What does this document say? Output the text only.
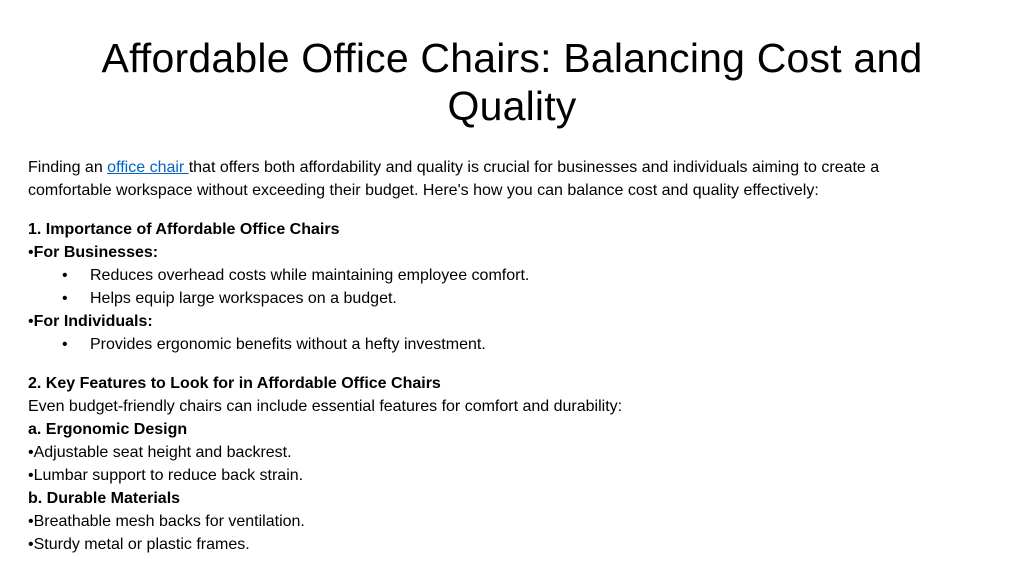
Affordable Office Chairs: Balancing Cost and Quality
Finding an office chair that offers both affordability and quality is crucial for businesses and individuals aiming to create a
comfortable workspace without exceeding their budget. Here's how you can balance cost and quality effectively:
1. Importance of Affordable Office Chairs
•For Businesses:
•	Reduces overhead costs while maintaining employee comfort.
•	Helps equip large workspaces on a budget.
•For Individuals:
•	Provides ergonomic benefits without a hefty investment.
2. Key Features to Look for in Affordable Office Chairs
Even budget-friendly chairs can include essential features for comfort and durability:
a. Ergonomic Design
•Adjustable seat height and backrest.
•Lumbar support to reduce back strain.
b. Durable Materials
•Breathable mesh backs for ventilation.
•Sturdy metal or plastic frames.
